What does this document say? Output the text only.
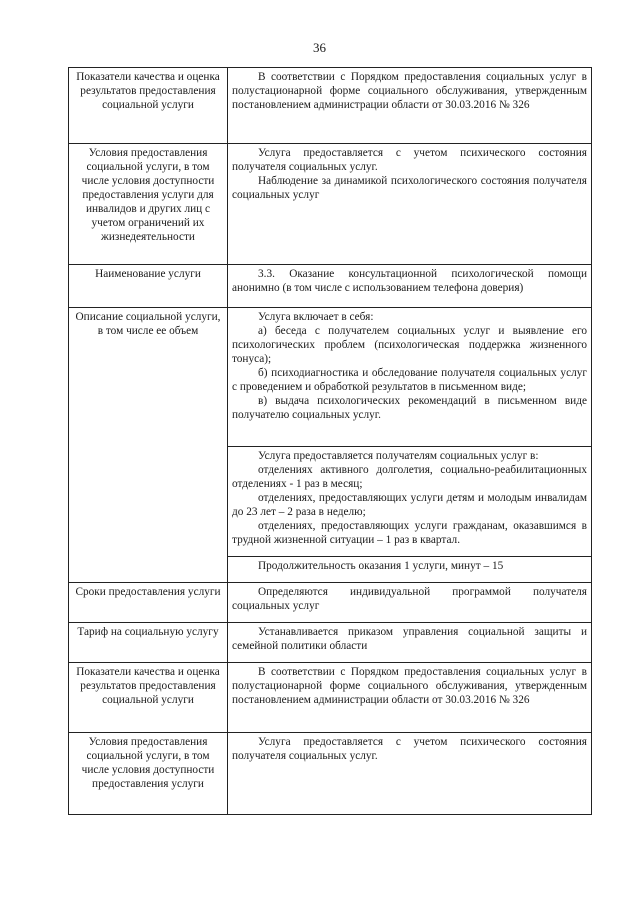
36
Показатели качества и оценка результатов предоставления социальной услуги	В соответствии с Порядком предоставления социальных услуг в полустационарной форме социального обслуживания, утвержденным постановлением администрации области от 30.03.2016 № 326

Условия предоставления социальной услуги, в том числе условия доступности предоставления услуги для инвалидов и других лиц с учетом ограничений их жизнедеятельности	Услуга предоставляется с учетом психического состояния получателя социальных услуг.

Наблюдение за динамикой психологического состояния получателя социальных услуг

Наименование услуги	3.3. Оказание консультационной психологической помощи анонимно (в том числе с использованием телефона доверия)

Описание социальной услуги, в том числе ее объем	Услуга включает в себя:

а) беседа с получателем социальных услуг и выявление его психологических проблем (психологическая поддержка жизненного тонуса);

б) психодиагностика и обследование получателя социальных услуг с проведением и обработкой результатов в письменном виде;

в) выдача психологических рекомендаций в письменном виде получателю социальных услуг.

	Услуга предоставляется получателям социальных услуг в:

отделениях активного долголетия, социально-реабилитационных отделениях - 1 раз в месяц;

отделениях, предоставляющих услуги детям и молодым инвалидам до 23 лет – 2 раза в неделю;

отделениях, предоставляющих услуги гражданам, оказавшимся в трудной жизненной ситуации – 1 раз в квартал.

	Продолжительность оказания 1 услуги, минут – 15

Сроки предоставления услуги	Определяются индивидуальной программой получателя социальных услуг

Тариф на социальную услугу	Устанавливается приказом управления социальной защиты и семейной политики области

Показатели качества и оценка результатов предоставления социальной услуги	В соответствии с Порядком предоставления социальных услуг в полустационарной форме социального обслуживания, утвержденным постановлением администрации области от 30.03.2016 № 326

Условия предоставления социальной услуги, в том числе условия доступности предоставления услуги	Услуга предоставляется с учетом психического состояния получателя социальных услуг.
